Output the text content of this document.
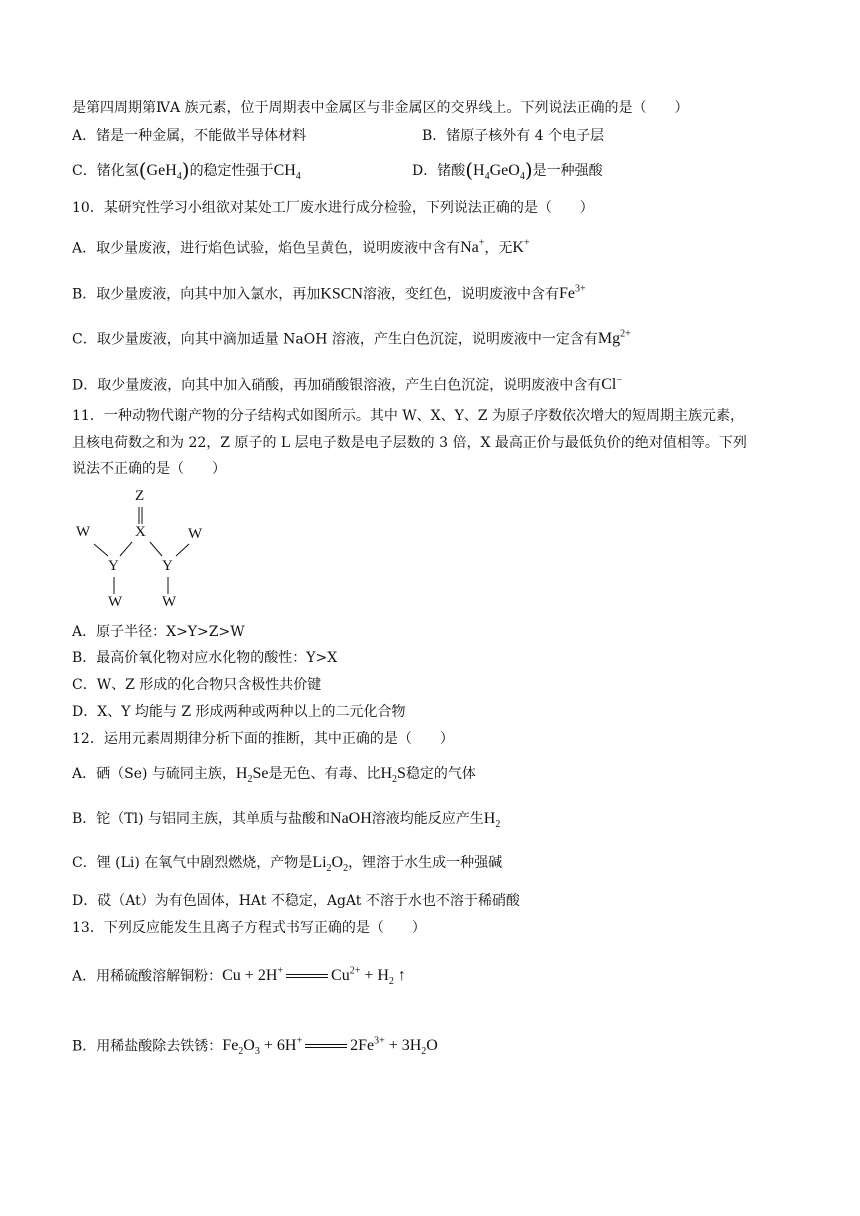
是第四周期第ⅣA 族元素，位于周期表中金属区与非金属区的交界线上。下列说法正确的是（　　）
A．锗是一种金属，不能做半导体材料	B．锗原子核外有 4 个电子层
C．锗化氢(GeH$_4$)的稳定性强于$CH_4$	D．锗酸$(H_4GeO_4)$是一种强酸
10．某研究性学习小组欲对某处工厂废水进行成分检验，下列说法正确的是（　　）
A．取少量废液，进行焰色试验，焰色呈黄色，说明废液中含有Na+，无K+
B．取少量废液，向其中加入氯水，再加KSCN溶液，变红色，说明废液中含有$Fe^{3+}$
C．取少量废液，向其中滴加适量 NaOH 溶液，产生白色沉淀，说明废液中一定含有$Mg^{2+}$
D．取少量废液，向其中加入硝酸，再加硝酸银溶液，产生白色沉淀，说明废液中含有Cl−
11．一种动物代谢产物的分子结构式如图所示。其中 W、X、Y、Z 为原子序数依次增大的短周期主族元素，
且核电荷数之和为 22，Z 原子的 L 层电子数是电子层数的 3 倍，X 最高正价与最低负价的绝对值相等。下列
说法不正确的是（　　）
Z
X
W	W
Y	Y
W	W
A．原子半径：X>Y>Z>W
B．最高价氧化物对应水化物的酸性：Y>X
C．W、Z 形成的化合物只含极性共价键
D．X、Y 均能与 Z 形成两种或两种以上的二元化合物
12．运用元素周期律分析下面的推断，其中正确的是（　　）
A．硒（Se) 与硫同主族，$H_2Se$是无色、有毒、比$H_2S$稳定的气体
B．铊（Tl) 与铝同主族，其单质与盐酸和NaOH溶液均能反应产生$H_2$
C．锂 (Li) 在氧气中剧烈燃烧，产物是$Li_2O_2$，锂溶于水生成一种强碱
D．砹（At）为有色固体，HAt 不稳定，AgAt 不溶于水也不溶于稀硝酸
13．下列反应能发生且离子方程式书写正确的是（　　）
A．用稀硫酸溶解铜粉：Cu + 2H+	$Cu^{2+} + H_2$ ↑
B．用稀盐酸除去铁锈：$Fe_2O_3 + 6H^+$	$2Fe^{3+} + 3H_2O$
